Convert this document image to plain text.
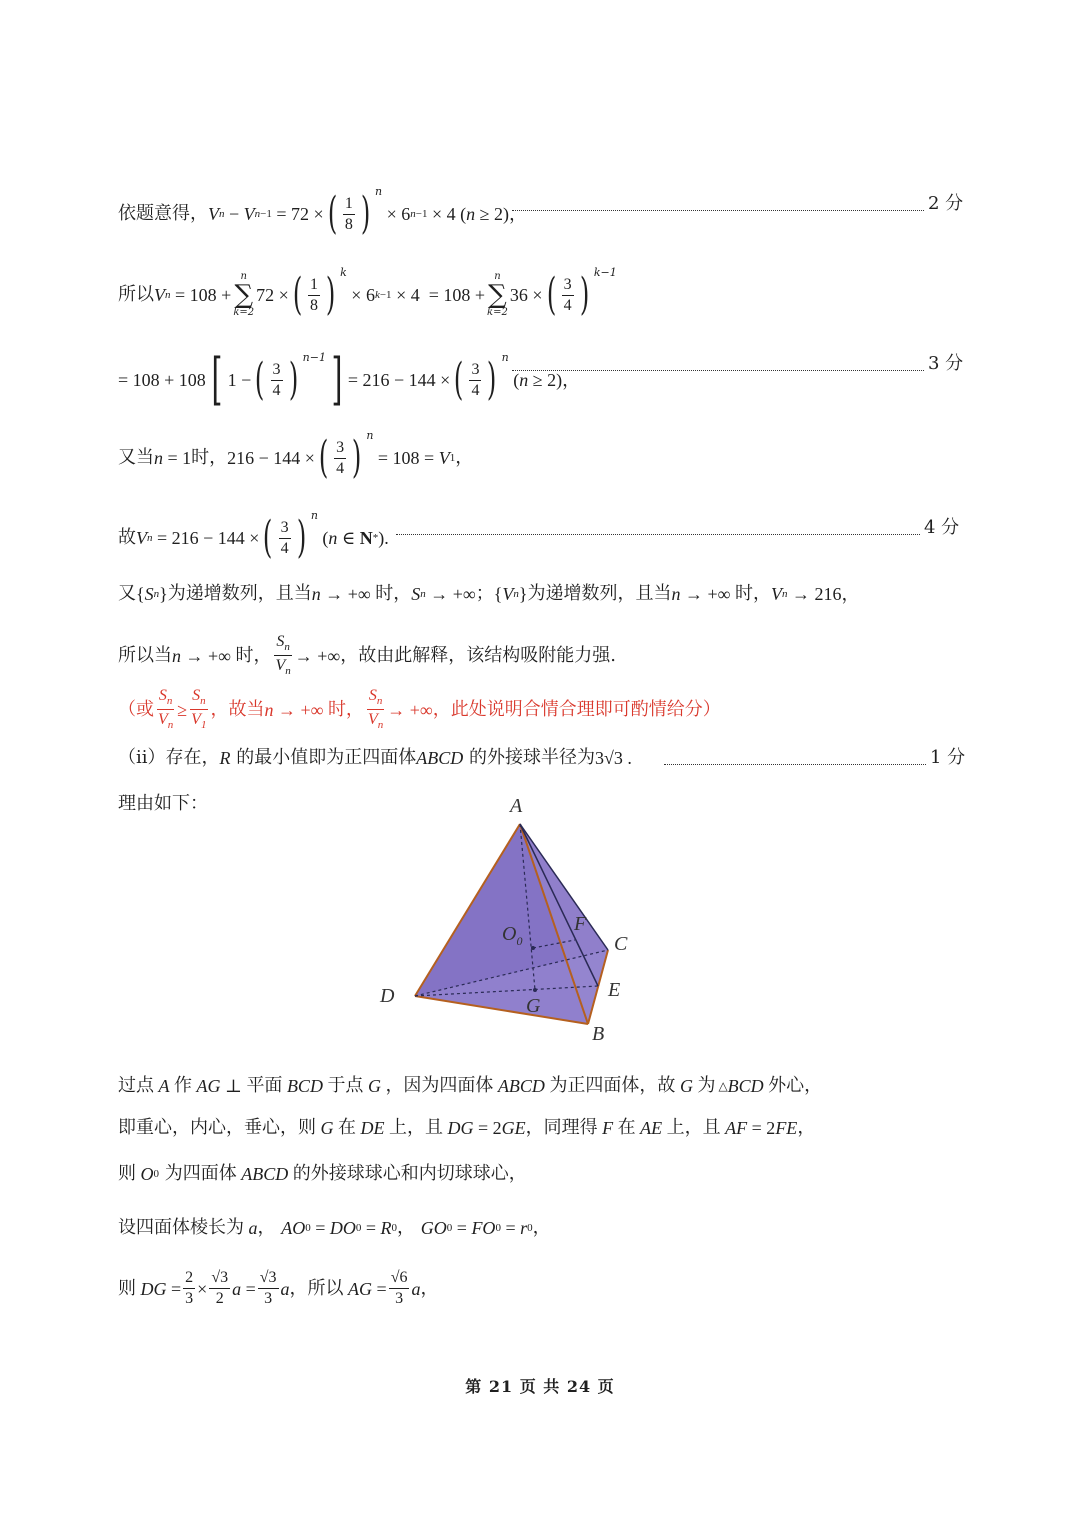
依题意得， V n − V n −1 = 72 × ( $\frac{1}{8}$ ) n
× 6 n −1 × 4 ( n ≥ 2)，	2 分
所以 V n = 108 +
n
∑
k=2
72 × ( $\frac{1}{8}$ ) k
× 6 k −1 × 4  = 108 +
n
∑
k=2
36 × ( $\frac{3}{4}$ ) k−1
= 108 + 108 [ 1 − ( $\frac{3}{4}$ ) n−1 ] = 216 − 144 × ( $\frac{3}{4}$ ) n
( n ≥ 2)，
3 分
又当 n = 1 时， 216 − 144 × ( $\frac{3}{4}$ ) n
= 108 = V 1 ，
故 V n = 216 − 144 × ( $\frac{3}{4}$ ) n
( n ∈ N * ).	4 分
又 { S n } 为递增数列，且当 n → +∞ 时， S n → +∞ ； { V n } 为递增数列，且当 n → +∞ 时， V n → 216，
所以当 n → +∞ 时， $\frac{S_n}{V_n}$ → +∞ ，故由此解释，该结构吸附能力强.
（或 $\frac{S_n}{V_n} \ge \frac{S_n}{V_1}$ ，故当 n → +∞ 时， $\frac{S_n}{V_n}$ → +∞ ，此处说明合情合理即可酌情给分）
（ii）存在， R
的最小值即为正四面体 ABCD
的外接球半径为 3√3 .	1 分
理由如下：	A
B
C
D	E
F
G
$O_0$
过点 A 作 AG ⊥ 平面 BCD 于点 G ，因为四面体 ABCD 为正四面体，故 G 为 △ BCD 外心，
即重心，内心，垂心，则 G 在 DE 上，且 DG = 2 GE ，同理得 F 在 AE 上，且 AF = 2 FE ，
则 O 0
为四面体 ABCD 的外接球球心和内切球球心，
设四面体棱长为 a ， AO 0 = DO 0 = R 0 ， GO 0 = FO 0 = r 0 ，
则 DG = $\frac{2}{3} \times \frac{√3}{2}$ $a = \frac{√3}{3}$ a ，所以 AG = $\frac{√6}{3}$ a ，
第 21 页 共 24 页
